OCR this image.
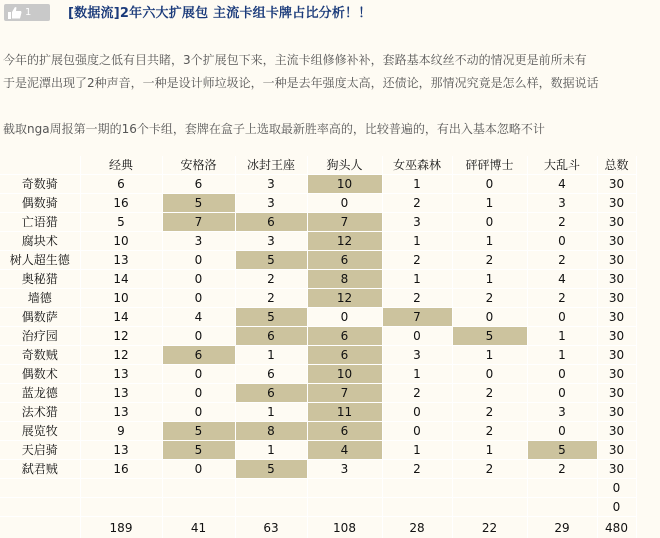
1	[数据流]2年六大扩展包 主流卡组卡牌占比分析！！
今年的扩展包强度之低有目共睹，3个扩展包下来，主流卡组修修补补，套路基本纹丝不动的情况更是前所未有
于是泥潭出现了2种声音，一种是设计师垃圾论，一种是去年强度太高，还债论，那情况究竟是怎么样，数据说话
截取nga周报第一期的16个卡组，套牌在盒子上选取最新胜率高的，比较普遍的，有出入基本忽略不计
	经典	安格洛	冰封王座	狗头人	女巫森林	砰砰博士	大乱斗	总数
奇数骑	6	6	3	10	1	0	4	30
偶数骑	16	5	3	0	2	1	3	30
亡语猎	5	7	6	7	3	0	2	30
腐块术	10	3	3	12	1	1	0	30
树人超生德	13	0	5	6	2	2	2	30
奥秘猎	14	0	2	8	1	1	4	30
墙德	10	0	2	12	2	2	2	30
偶数萨	14	4	5	0	7	0	0	30
治疗园	12	0	6	6	0	5	1	30
奇数贼	12	6	1	6	3	1	1	30
偶数术	13	0	6	10	1	0	0	30
蓝龙德	13	0	6	7	2	2	0	30
法术猎	13	0	1	11	0	2	3	30
展览牧	9	5	8	6	0	2	0	30
天启骑	13	5	1	4	1	1	5	30
弑君贼	16	0	5	3	2	2	2	30
								0
								0
	189	41	63	108	28	22	29	480
